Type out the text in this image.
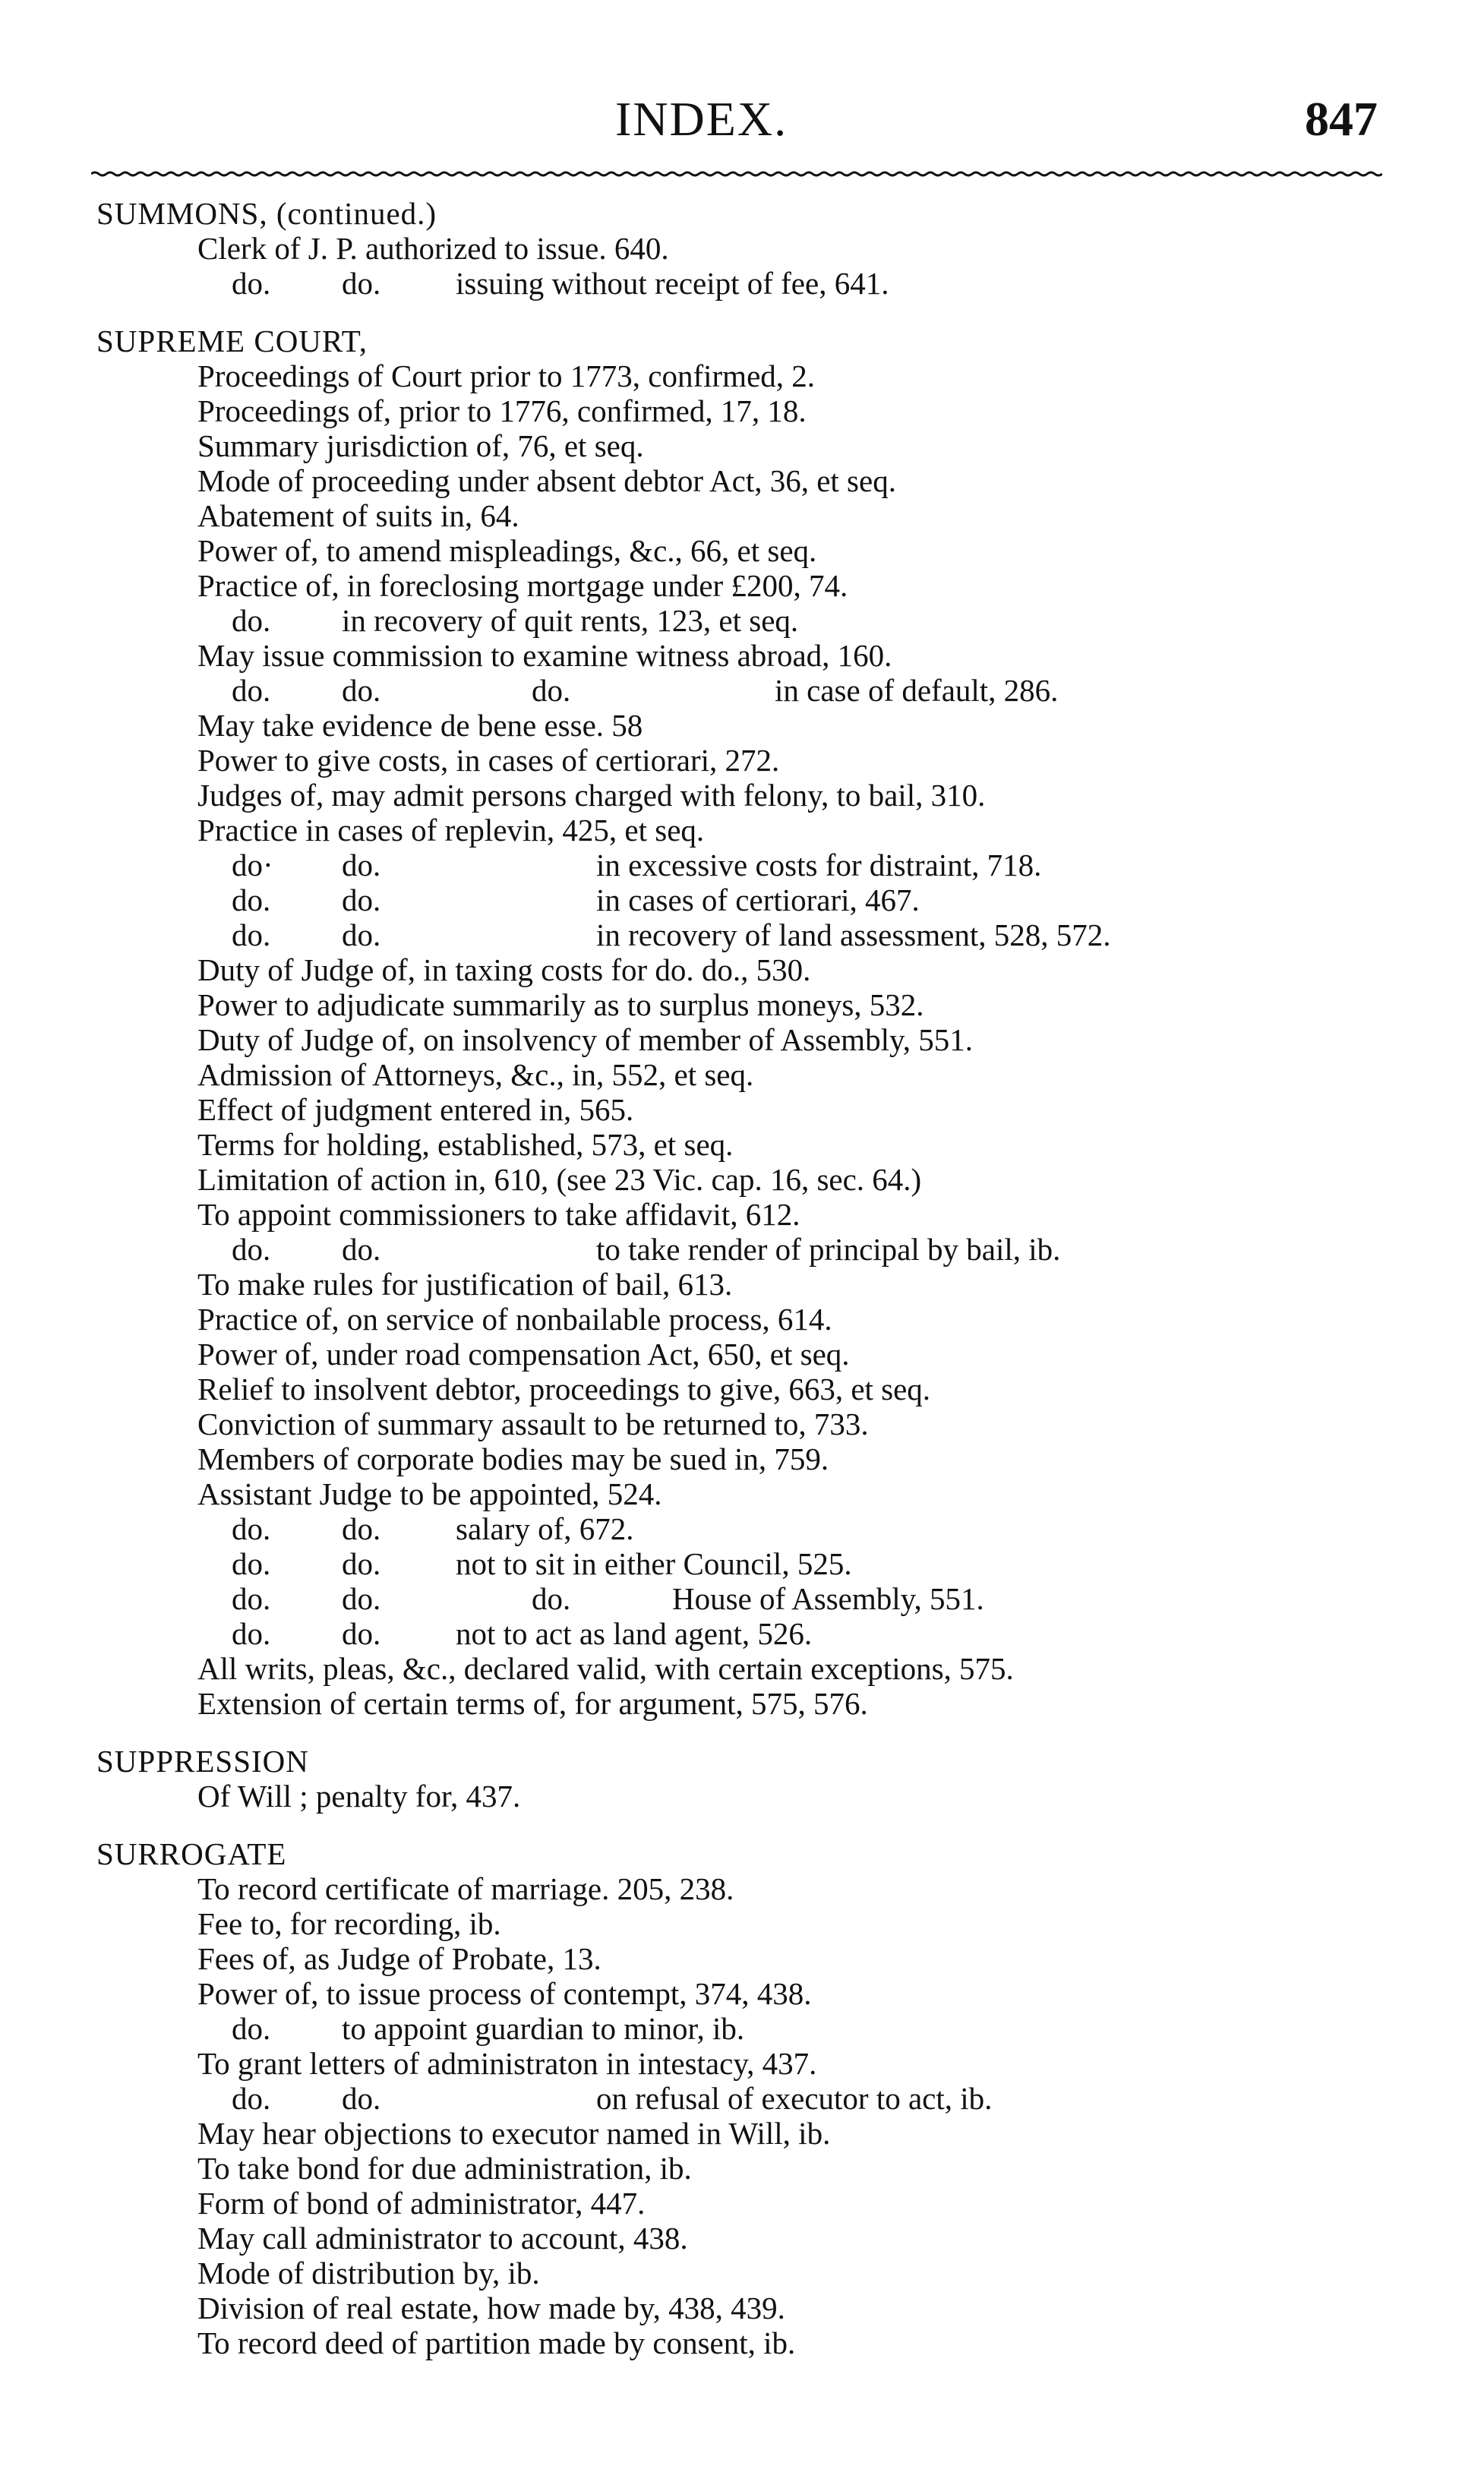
INDEX.	847
SUMMONS, (continued.)
Clerk of J. P. authorized to issue. 640.
do. do. issuing without receipt of fee, 641.
SUPREME COURT,
Proceedings of Court prior to 1773, confirmed, 2.
Proceedings of, prior to 1776, confirmed, 17, 18.
Summary jurisdiction of, 76, et seq.
Mode of proceeding under absent debtor Act, 36, et seq.
Abatement of suits in, 64.
Power of, to amend mispleadings, &c., 66, et seq.
Practice of, in foreclosing mortgage under £200, 74.
do. in recovery of quit rents, 123, et seq.
May issue commission to examine witness abroad, 160.
do. do.	do.	in case of default, 286.
May take evidence de bene esse. 58
Power to give costs, in cases of certiorari, 272.
Judges of, may admit persons charged with felony, to bail, 310.
Practice in cases of replevin, 425, et seq.
do· do.	in excessive costs for distraint, 718.
do. do.	in cases of certiorari, 467.
do. do.	in recovery of land assessment, 528, 572.
Duty of Judge of, in taxing costs for do. do., 530.
Power to adjudicate summarily as to surplus moneys, 532.
Duty of Judge of, on insolvency of member of Assembly, 551.
Admission of Attorneys, &c., in, 552, et seq.
Effect of judgment entered in, 565.
Terms for holding, established, 573, et seq.
Limitation of action in, 610, (see 23 Vic. cap. 16, sec. 64.)
To appoint commissioners to take affidavit, 612.
do. do.	to take render of principal by bail, ib.
To make rules for justification of bail, 613.
Practice of, on service of nonbailable process, 614.
Power of, under road compensation Act, 650, et seq.
Relief to insolvent debtor, proceedings to give, 663, et seq.
Conviction of summary assault to be returned to, 733.
Members of corporate bodies may be sued in, 759.
Assistant Judge to be appointed, 524.
do. do. salary of, 672.
do. do. not to sit in either Council, 525.
do. do.	do.	House of Assembly, 551.
do. do. not to act as land agent, 526.
All writs, pleas, &c., declared valid, with certain exceptions, 575.
Extension of certain terms of, for argument, 575, 576.
SUPPRESSION
Of Will ; penalty for, 437.
SURROGATE
To record certificate of marriage. 205, 238.
Fee to, for recording, ib.
Fees of, as Judge of Probate, 13.
Power of, to issue process of contempt, 374, 438.
do. to appoint guardian to minor, ib.
To grant letters of administraton in intestacy, 437.
do. do.	on refusal of executor to act, ib.
May hear objections to executor named in Will, ib.
To take bond for due administration, ib.
Form of bond of administrator, 447.
May call administrator to account, 438.
Mode of distribution by, ib.
Division of real estate, how made by, 438, 439.
To record deed of partition made by consent, ib.
